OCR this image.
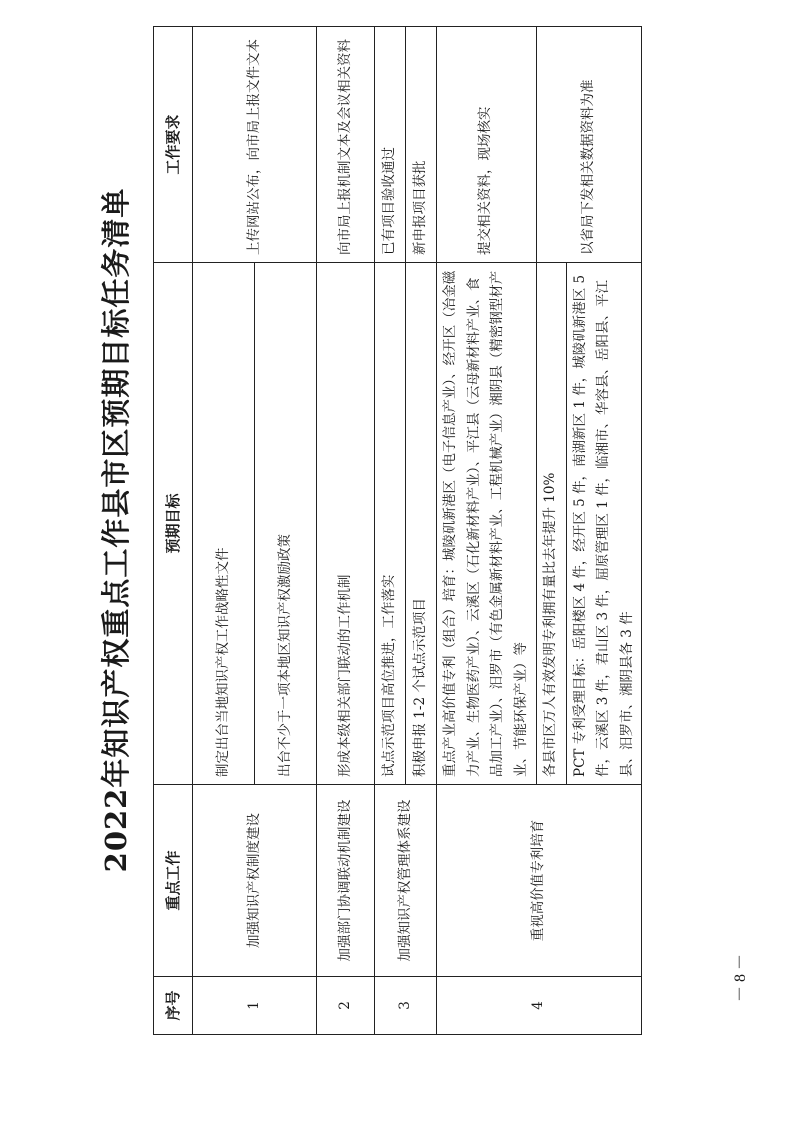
2022年知识产权重点工作县市区预期目标任务清单
序号	重点工作	预期目标	工作要求
1	加强知识产权制度建设	制定出台当地知识产权工作战略性文件	上传网站公布，向市局上报文件文本
		出台不少于一项本地区知识产权激励政策	
2	加强部门协调联动机制建设	形成本级相关部门联动的工作机制	向市局上报机制文本及会议相关资料
3	加强知识产权管理体系建设	试点示范项目高位推进，工作落实	已有项目验收通过
		积极申报 1-2 个试点示范项目	新申报项目获批
4	重视高价值专利培育	重点产业高价值专利（组合）培育：城陵矶新港区（电子信息产业）、经开区（冶金磁力产业、生物医药产业）、云溪区（石化新材料产业）、平江县（云母新材料产业、食品加工产业）、汨罗市（有色金属新材料产业、工程机械产业）湘阴县（精密钢型材产业、节能环保产业）等	提交相关资料，现场核实
		各县市区万人有效发明专利拥有量比去年提升 10%	以省局下发相关数据资料为准
		PCT 专利受理目标：岳阳楼区 4 件，经开区 5 件，南湖新区 1 件，城陵矶新港区 5 件，云溪区 3 件，君山区 3 件，屈原管理区 1 件，临湘市、华容县、岳阳县、平江县、汨罗市、湘阴县各 3 件	
－ 8 －
